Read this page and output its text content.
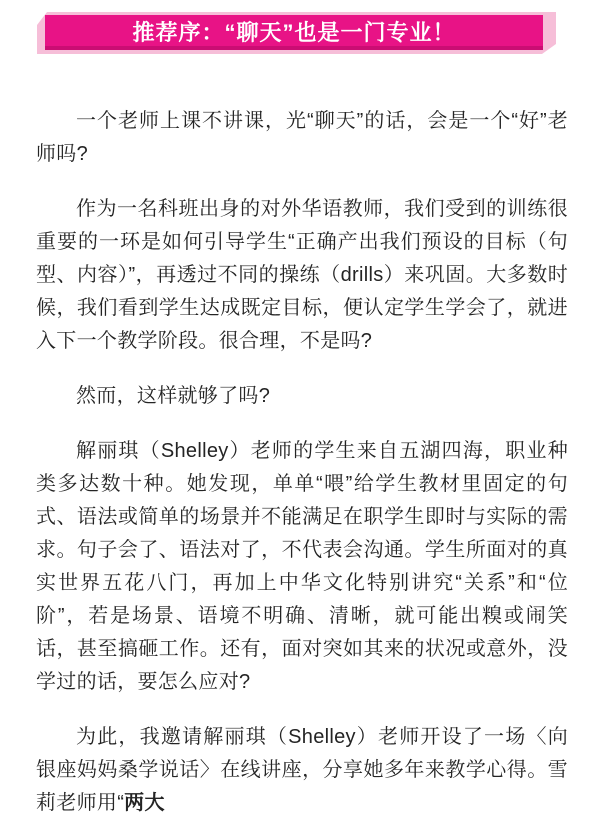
推荐序：“聊天”也是一门专业！

一个老师上课不讲课，光“聊天”的话，会是一个“好”老师吗?

作为一名科班出身的对外华语教师，我们受到的训练很重要的一环是如何引导学生“正确产出我们预设的目标（句型、内容）”，再透过不同的操练（drills）来巩固。大多数时候，我们看到学生达成既定目标，便认定学生学会了，就进入下一个教学阶段。很合理，不是吗?

然而，这样就够了吗?

解丽琪（Shelley）老师的学生来自五湖四海，职业种类多达数十种。她发现，单单“喂”给学生教材里固定的句式、语法或简单的场景并不能满足在职学生即时与实际的需求。句子会了、语法对了，不代表会沟通。学生所面对的真实世界五花八门，再加上中华文化特别讲究“关系”和“位阶”，若是场景、语境不明确、清晰，就可能出糗或闹笑话，甚至搞砸工作。还有，面对突如其来的状况或意外，没学过的话，要怎么应对?

为此，我邀请解丽琪（Shelley）老师开设了一场〈向银座妈妈桑学说话〉在线讲座，分享她多年来教学心得。雪莉老师用“两大
